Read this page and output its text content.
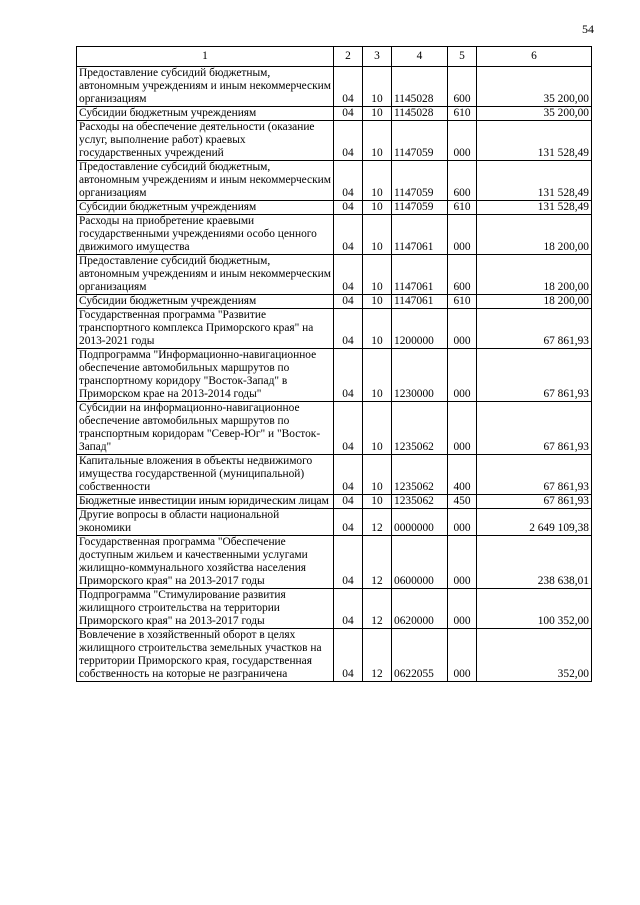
54
1	2	3	4	5	6
Предоставление субсидий бюджетным, автономным учреждениям и иным некоммерческим организациям	04	10	1145028	600	35 200,00
Субсидии бюджетным учреждениям	04	10	1145028	610	35 200,00
Расходы на обеспечение деятельности (оказание услуг, выполнение работ) краевых государственных учреждений	04	10	1147059	000	131 528,49
Предоставление субсидий бюджетным, автономным учреждениям и иным некоммерческим организациям	04	10	1147059	600	131 528,49
Субсидии бюджетным учреждениям	04	10	1147059	610	131 528,49
Расходы на приобретение краевыми государственными учреждениями особо ценного движимого имущества	04	10	1147061	000	18 200,00
Предоставление субсидий бюджетным, автономным учреждениям и иным некоммерческим организациям	04	10	1147061	600	18 200,00
Субсидии бюджетным учреждениям	04	10	1147061	610	18 200,00
Государственная программа "Развитие транспортного комплекса Приморского края" на 2013-2021 годы	04	10	1200000	000	67 861,93
Подпрограмма "Информационно-навигационное обеспечение автомобильных маршрутов по транспортному коридору "Восток-Запад" в Приморском крае на 2013-2014 годы"	04	10	1230000	000	67 861,93
Субсидии на информационно-навигационное обеспечение автомобильных маршрутов по транспортным коридорам "Север-Юг" и "Восток-Запад"	04	10	1235062	000	67 861,93
Капитальные вложения в объекты недвижимого имущества государственной (муниципальной) собственности	04	10	1235062	400	67 861,93
Бюджетные инвестиции иным юридическим лицам	04	10	1235062	450	67 861,93
Другие вопросы в области национальной экономики	04	12	0000000	000	2 649 109,38
Государственная программа "Обеспечение доступным жильем и качественными услугами жилищно-коммунального хозяйства населения Приморского края" на 2013-2017 годы	04	12	0600000	000	238 638,01
Подпрограмма "Стимулирование развития жилищного строительства на территории Приморского края" на 2013-2017 годы	04	12	0620000	000	100 352,00
Вовлечение в хозяйственный оборот в целях жилищного строительства земельных участков на территории Приморского края, государственная собственность на которые не разграничена	04	12	0622055	000	352,00
